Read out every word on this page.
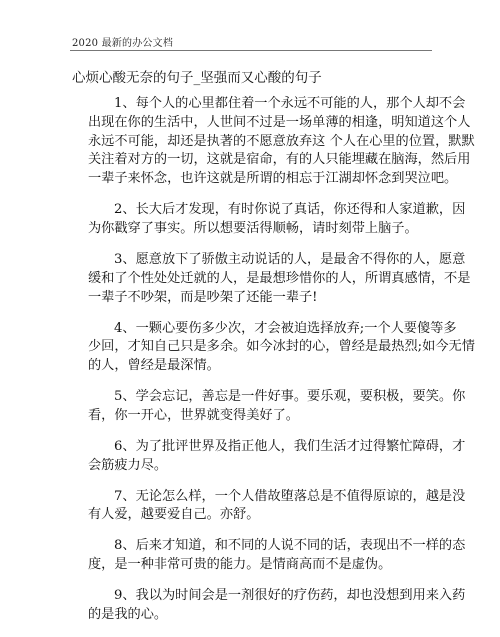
2020 最新的办公文档
心烦心酸无奈的句子_坚强而又心酸的句子
1、每个人的心里都住着一个永远不可能的人，那个人却不会
出现在你的生活中，人世间不过是一场单薄的相逢，明知道这个人
永远不可能，却还是执著的不愿意放弃这 个人在心里的位置，默默
关注着对方的一切，这就是宿命，有的人只能埋藏在脑海，然后用
一辈子来怀念，也许这就是所谓的相忘于江湖却怀念到哭泣吧。
2、长大后才发现，有时你说了真话，你还得和人家道歉，因
为你戳穿了事实。所以想要活得顺畅，请时刻带上脑子。
3、愿意放下了骄傲主动说话的人，是最舍不得你的人，愿意
缓和了个性处处迁就的人，是最想珍惜你的人，所谓真感情，不是
一辈子不吵架，而是吵架了还能一辈子!
4、一颗心要伤多少次，才会被迫选择放弃;一个人要傻等多
少回，才知自己只是多余。如今冰封的心，曾经是最热烈;如今无情
的人，曾经是最深情。
5、学会忘记，善忘是一件好事。要乐观，要积极，要笑。你
看，你一开心，世界就变得美好了。
6、为了批评世界及指正他人，我们生活才过得繁忙障碍，才
会筋疲力尽。
7、无论怎么样，一个人借故堕落总是不值得原谅的，越是没
有人爱，越要爱自己。亦舒。
8、后来才知道，和不同的人说不同的话，表现出不一样的态
度，是一种非常可贵的能力。是情商高而不是虚伪。
9、我以为时间会是一剂很好的疗伤药，却也没想到用来入药
的是我的心。
